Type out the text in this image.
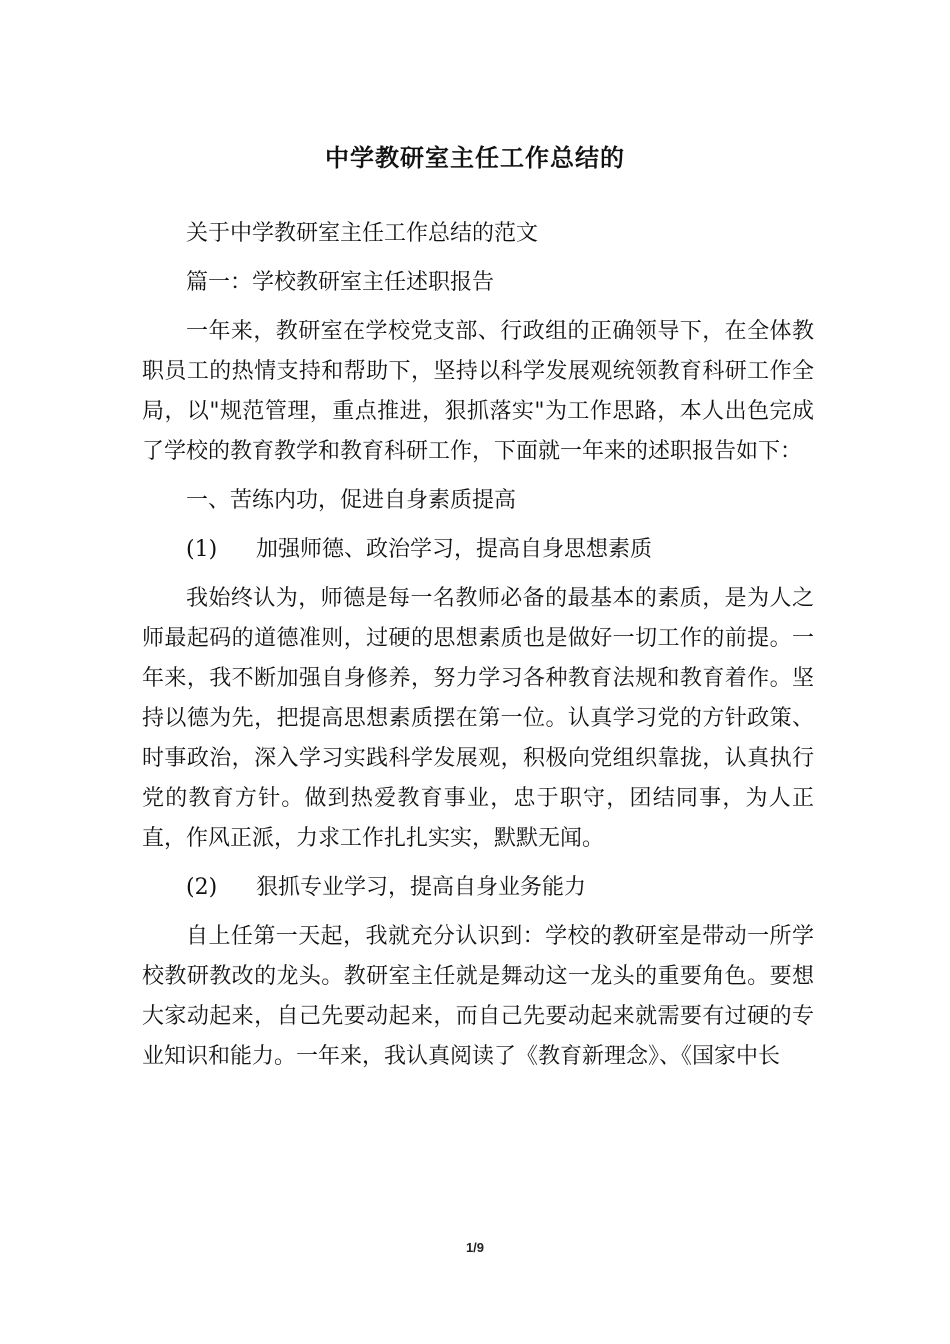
中学教研室主任工作总结的

关于中学教研室主任工作总结的范文

篇一：学校教研室主任述职报告

一年来，教研室在学校党支部、行政组的正确领导下，在全体教职员工的热情支持和帮助下，坚持以科学发展观统领教育科研工作全局，以"规范管理，重点推进，狠抓落实"为工作思路，本人出色完成了学校的教育教学和教育科研工作，下面就一年来的述职报告如下：

一、苦练内功，促进自身素质提高

(1) 加强师德、政治学习，提高自身思想素质

我始终认为，师德是每一名教师必备的最基本的素质，是为人之师最起码的道德准则，过硬的思想素质也是做好一切工作的前提。一年来，我不断加强自身修养，努力学习各种教育法规和教育着作。坚持以德为先，把提高思想素质摆在第一位。认真学习党的方针政策、时事政治，深入学习实践科学发展观，积极向党组织靠拢，认真执行党的教育方针。做到热爱教育事业，忠于职守，团结同事，为人正直，作风正派，力求工作扎扎实实，默默无闻。

(2) 狠抓专业学习，提高自身业务能力

自上任第一天起，我就充分认识到：学校的教研室是带动一所学校教研教改的龙头。教研室主任就是舞动这一龙头的重要角色。要想大家动起来，自己先要动起来，而自己先要动起来就需要有过硬的专业知识和能力。一年来，我认真阅读了《教育新理念》、《国家中长

1/9
